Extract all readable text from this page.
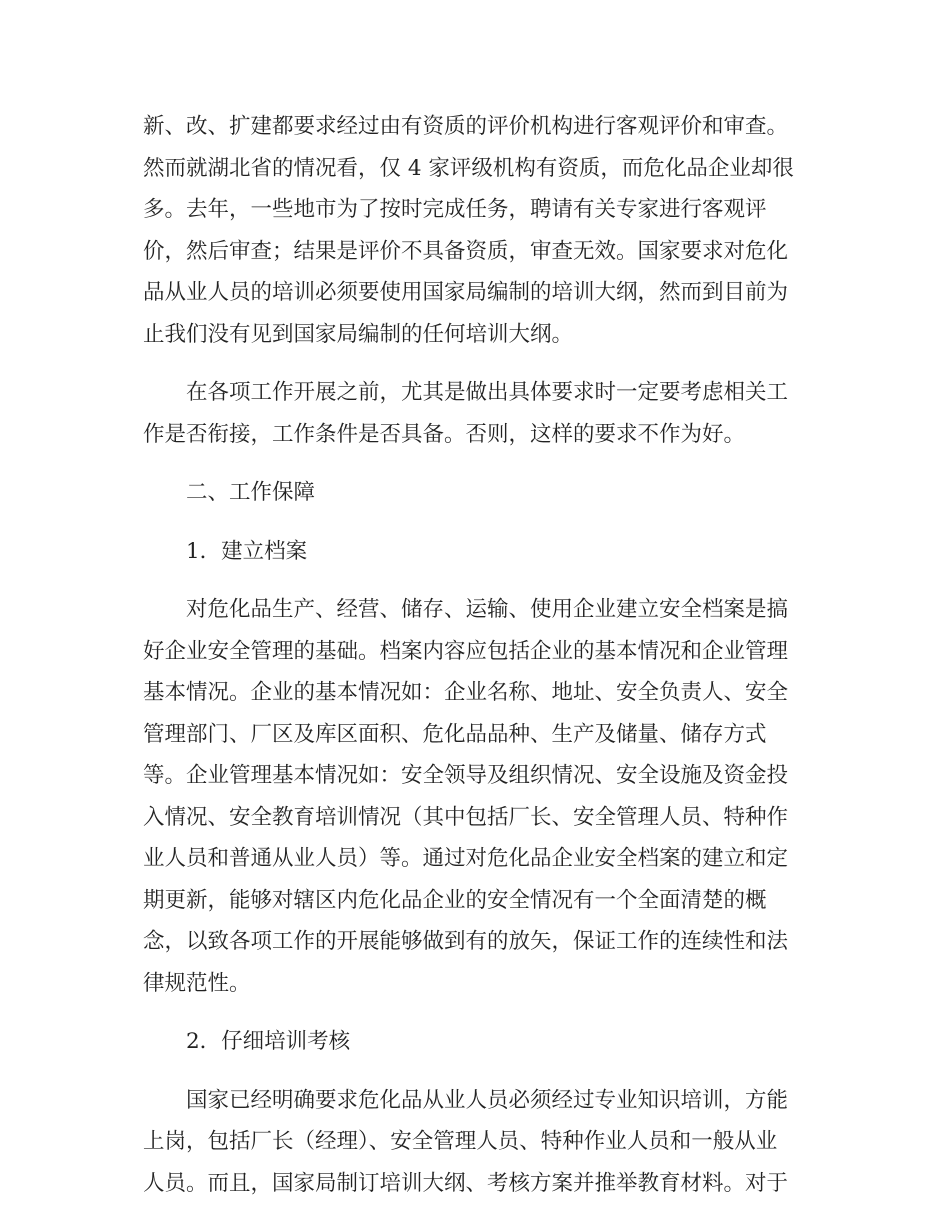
新、改、扩建都要求经过由有资质的评价机构进行客观评价和审查。
然而就湖北省的情况看，仅 4 家评级机构有资质，而危化品企业却很
多。去年，一些地市为了按时完成任务，聘请有关专家进行客观评
价，然后审查；结果是评价不具备资质，审查无效。国家要求对危化
品从业人员的培训必须要使用国家局编制的培训大纲，然而到目前为
止我们没有见到国家局编制的任何培训大纲。
在各项工作开展之前，尤其是做出具体要求时一定要考虑相关工
作是否衔接，工作条件是否具备。否则，这样的要求不作为好。
二、工作保障
1．建立档案
对危化品生产、经营、储存、运输、使用企业建立安全档案是搞
好企业安全管理的基础。档案内容应包括企业的基本情况和企业管理
基本情况。企业的基本情况如：企业名称、地址、安全负责人、安全
管理部门、厂区及库区面积、危化品品种、生产及储量、储存方式
等。企业管理基本情况如：安全领导及组织情况、安全设施及资金投
入情况、安全教育培训情况（其中包括厂长、安全管理人员、特种作
业人员和普通从业人员）等。通过对危化品企业安全档案的建立和定
期更新，能够对辖区内危化品企业的安全情况有一个全面清楚的概
念，以致各项工作的开展能够做到有的放矢，保证工作的连续性和法
律规范性。
2．仔细培训考核
国家已经明确要求危化品从业人员必须经过专业知识培训，方能
上岗，包括厂长（经理）、安全管理人员、特种作业人员和一般从业
人员。而且，国家局制订培训大纲、考核方案并推举教育材料。对于
